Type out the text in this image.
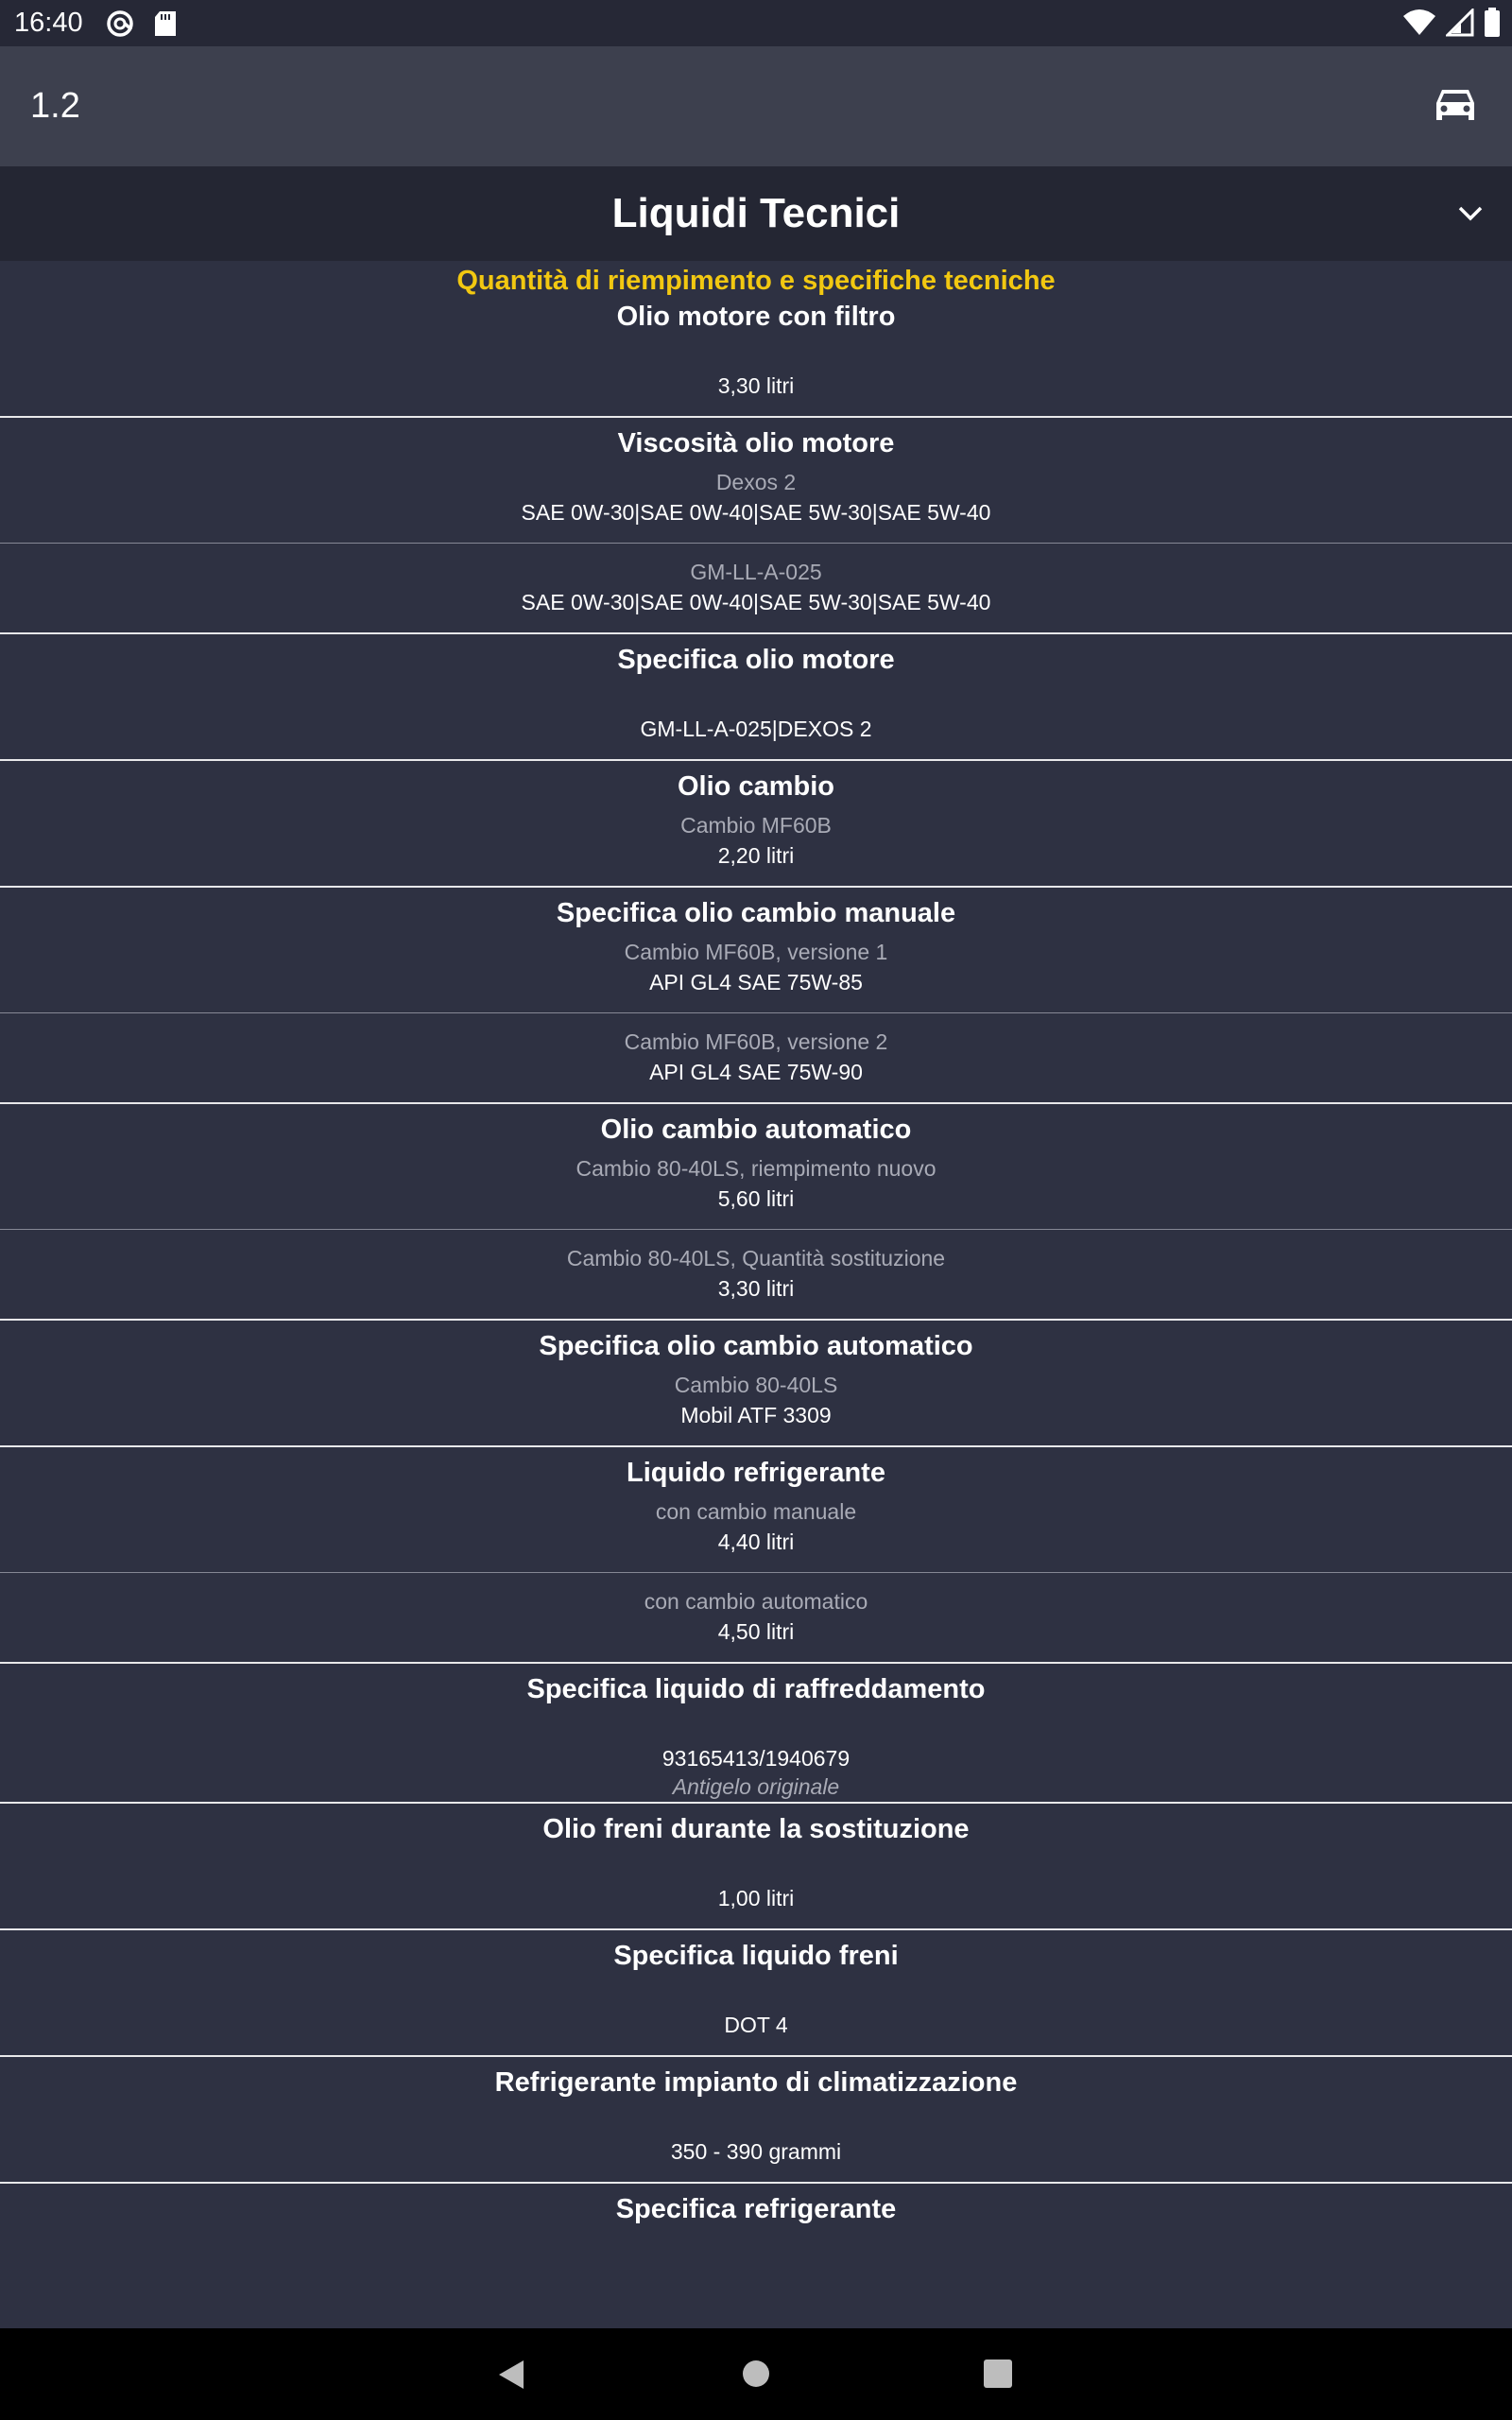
16:40
1.2
Liquidi Tecnici
Quantità di riempimento e specifiche tecniche
Olio motore con filtro
3,30 litri
Viscosità olio motore
Dexos 2
SAE 0W-30|SAE 0W-40|SAE 5W-30|SAE 5W-40
GM-LL-A-025
SAE 0W-30|SAE 0W-40|SAE 5W-30|SAE 5W-40
Specifica olio motore
GM-LL-A-025|DEXOS 2
Olio cambio
Cambio MF60B
2,20 litri
Specifica olio cambio manuale
Cambio MF60B, versione 1
API GL4 SAE 75W-85
Cambio MF60B, versione 2
API GL4 SAE 75W-90
Olio cambio automatico
Cambio 80-40LS, riempimento nuovo
5,60 litri
Cambio 80-40LS, Quantità sostituzione
3,30 litri
Specifica olio cambio automatico
Cambio 80-40LS
Mobil ATF 3309
Liquido refrigerante
con cambio manuale
4,40 litri
con cambio automatico
4,50 litri
Specifica liquido di raffreddamento
93165413/1940679
Antigelo originale
Olio freni durante la sostituzione
1,00 litri
Specifica liquido freni
DOT 4
Refrigerante impianto di climatizzazione
350 - 390 grammi
Specifica refrigerante
